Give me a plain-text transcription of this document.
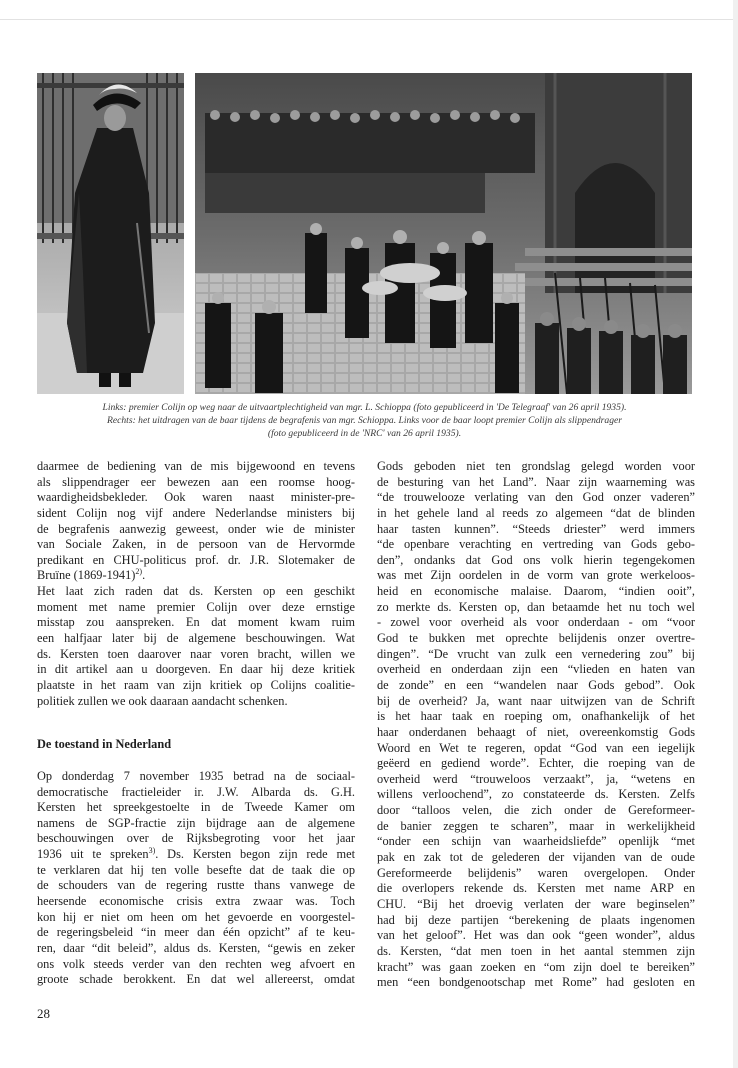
Links: premier Colijn op weg naar de uitvaartplechtigheid van mgr. L. Schioppa (foto gepubliceerd in 'De Telegraaf' van 26 april 1935).
Rechts: het uitdragen van de baar tijdens de begrafenis van mgr. Schioppa. Links voor de baar loopt premier Colijn als slippendrager
(foto gepubliceerd in de 'NRC' van 26 april 1935).
daarmee de bediening van de mis bijgewoond en tevens
als slippendrager eer bewezen aan een roomse hoog-
waardigheidsbekleder. Ook waren naast minister-pre-
sident Colijn nog vijf andere Nederlandse ministers bij
de begrafenis aanwezig geweest, onder wie de minister
van Sociale Zaken, in de persoon van de Hervormde
predikant en CHU-politicus prof. dr. J.R. Slotemaker de
Bruïne (1869-1941)$^{2)}$.
Het laat zich raden dat ds. Kersten op een geschikt
moment met name premier Colijn over deze ernstige
misstap zou aanspreken. En dat moment kwam ruim
een halfjaar later bij de algemene beschouwingen. Wat
ds. Kersten toen daarover naar voren bracht, willen we
in dit artikel aan u doorgeven. En daar hij deze kritiek
plaatste in het raam van zijn kritiek op Colijns coalitie-
politiek zullen we ook daaraan aandacht schenken.
De toestand in Nederland
Op donderdag 7 november 1935 betrad na de sociaal-
democratische fractieleider ir. J.W. Albarda ds. G.H.
Kersten het spreekgestoelte in de Tweede Kamer om
namens de SGP-fractie zijn bijdrage aan de algemene
beschouwingen over de Rijksbegroting voor het jaar
1936 uit te spreken$^{3)}$. Ds. Kersten begon zijn rede met
te verklaren dat hij ten volle besefte dat de taak die op
de schouders van de regering rustte thans vanwege de
heersende economische crisis extra zwaar was. Toch
kon hij er niet om heen om het gevoerde en voorgestel-
de regeringsbeleid “in meer dan één opzicht” af te keu-
ren, daar “dit beleid”, aldus ds. Kersten, “gewis en zeker
ons volk steeds verder van den rechten weg afvoert en
groote schade berokkent. En dat wel allereerst, omdat
Gods geboden niet ten grondslag gelegd worden voor
de besturing van het Land”. Naar zijn waarneming was
“de trouwelooze verlating van den God onzer vaderen”
in het gehele land al reeds zo algemeen “dat de blinden
haar tasten kunnen”. “Steeds driester” werd immers
“de openbare verachting en vertreding van Gods gebo-
den”, ondanks dat God ons volk hierin tegengekomen
was met Zijn oordelen in de vorm van grote werkeloos-
heid en economische malaise. Daarom, “indien ooit”,
zo merkte ds. Kersten op, dan betaamde het nu toch wel
- zowel voor overheid als voor onderdaan - om “voor
God te bukken met oprechte belijdenis onzer overtre-
dingen”. “De vrucht van zulk een vernedering zou” bij
overheid en onderdaan zijn een “vlieden en haten van
de zonde” en een “wandelen naar Gods gebod”. Ook
bij de overheid? Ja, want naar uitwijzen van de Schrift
is het haar taak en roeping om, onafhankelijk of het
haar onderdanen behaagt of niet, overeenkomstig Gods
Woord en Wet te regeren, opdat “God van een iegelijk
geëerd en gediend worde”. Echter, die roeping van de
overheid werd “trouweloos verzaakt”, ja, “wetens en
willens verloochend”, zo constateerde ds. Kersten. Zelfs
door “talloos velen, die zich onder de Gereformeer-
de banier zeggen te scharen”, maar in werkelijkheid
“onder een schijn van waarheidsliefde” openlijk “met
pak en zak tot de gelederen der vijanden van de oude
Gereformeerde belijdenis” waren overgelopen. Onder
die overlopers rekende ds. Kersten met name ARP en
CHU. “Bij het droevig verlaten der ware beginselen”
had bij deze partijen “berekening de plaats ingenomen
van het geloof”. Het was dan ook “geen wonder”, aldus
ds. Kersten, “dat men toen in het aantal stemmen zijn
kracht” was gaan zoeken en “om zijn doel te bereiken”
men “een bondgenootschap met Rome” had gesloten en
28
